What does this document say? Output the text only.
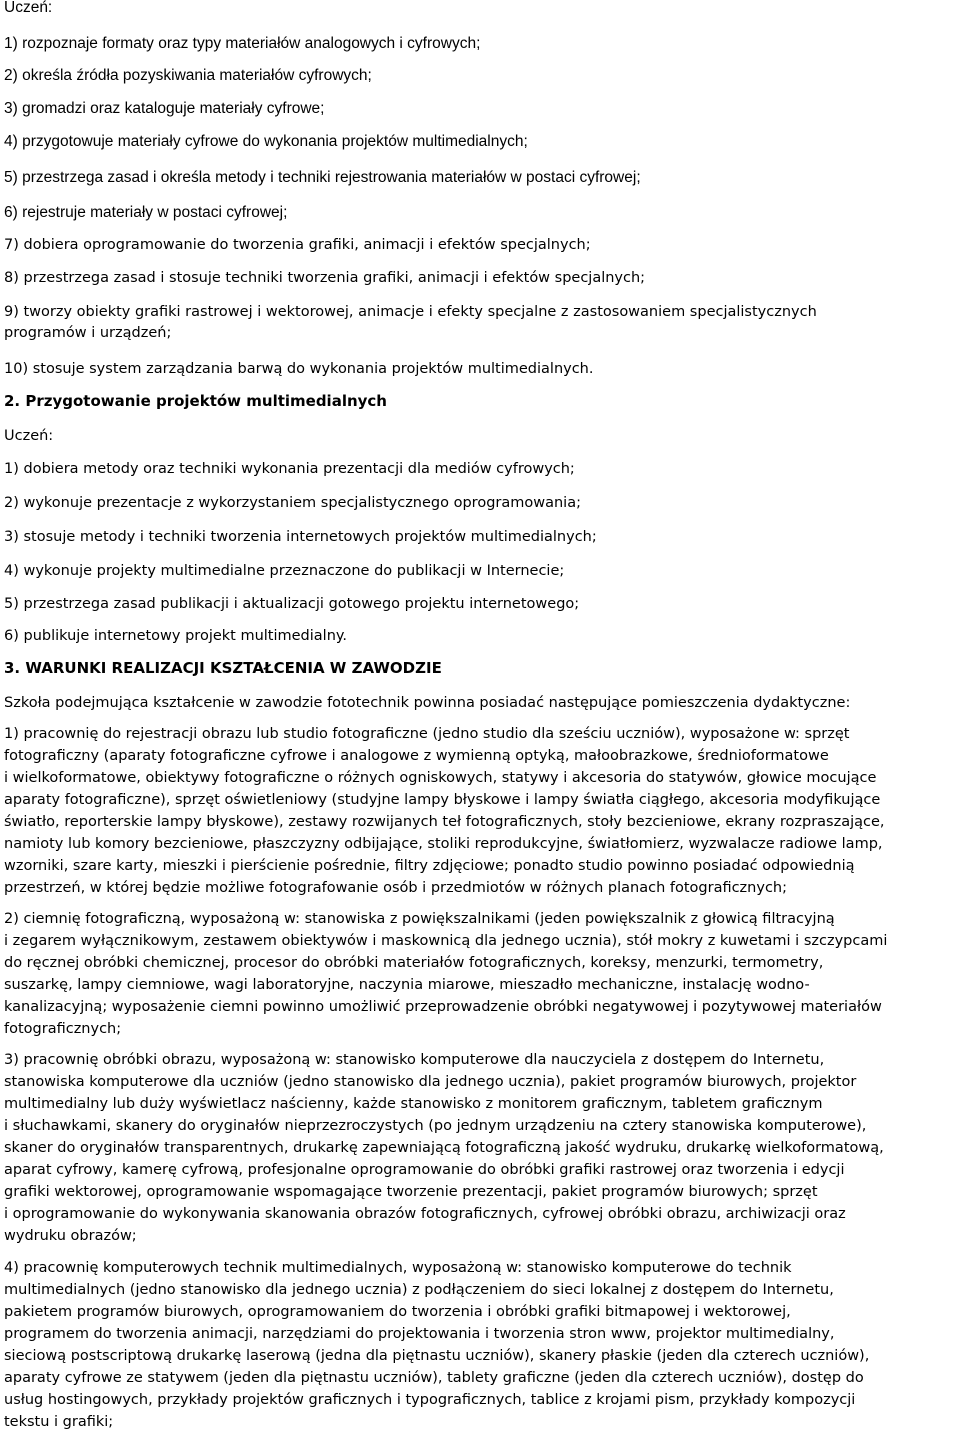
Uczeń:
1) rozpoznaje formaty oraz typy materiałów analogowych i cyfrowych;
2) określa źródła pozyskiwania materiałów cyfrowych;
3) gromadzi oraz kataloguje materiały cyfrowe;
4) przygotowuje materiały cyfrowe do wykonania projektów multimedialnych;
5) przestrzega zasad i określa metody i techniki rejestrowania materiałów w postaci cyfrowej;
6) rejestruje materiały w postaci cyfrowej;
7) dobiera oprogramowanie do tworzenia grafiki, animacji i efektów specjalnych;
8) przestrzega zasad i stosuje techniki tworzenia grafiki, animacji i efektów specjalnych;
9) tworzy obiekty grafiki rastrowej i wektorowej, animacje i efekty specjalne z zastosowaniem specjalistycznych
programów i urządzeń;
10) stosuje system zarządzania barwą do wykonania projektów multimedialnych.
2. Przygotowanie projektów multimedialnych
Uczeń:
1) dobiera metody oraz techniki wykonania prezentacji dla mediów cyfrowych;
2) wykonuje prezentacje z wykorzystaniem specjalistycznego oprogramowania;
3) stosuje metody i techniki tworzenia internetowych projektów multimedialnych;
4) wykonuje projekty multimedialne przeznaczone do publikacji w Internecie;
5) przestrzega zasad publikacji i aktualizacji gotowego projektu internetowego;
6) publikuje internetowy projekt multimedialny.
3. WARUNKI REALIZACJI KSZTAŁCENIA W ZAWODZIE
Szkoła podejmująca kształcenie w zawodzie fototechnik powinna posiadać następujące pomieszczenia dydaktyczne:
1) pracownię do rejestracji obrazu lub studio fotograficzne (jedno studio dla sześciu uczniów), wyposażone w: sprzęt
fotograficzny (aparaty fotograficzne cyfrowe i analogowe z wymienną optyką, małoobrazkowe, średnioformatowe
i wielkoformatowe, obiektywy fotograficzne o różnych ogniskowych, statywy i akcesoria do statywów, głowice mocujące
aparaty fotograficzne), sprzęt oświetleniowy (studyjne lampy błyskowe i lampy światła ciągłego, akcesoria modyfikujące
światło, reporterskie lampy błyskowe), zestawy rozwijanych teł fotograficznych, stoły bezcieniowe, ekrany rozpraszające,
namioty lub komory bezcieniowe, płaszczyzny odbijające, stoliki reprodukcyjne, światłomierz, wyzwalacze radiowe lamp,
wzorniki, szare karty, mieszki i pierścienie pośrednie, filtry zdjęciowe; ponadto studio powinno posiadać odpowiednią
przestrzeń, w której będzie możliwe fotografowanie osób i przedmiotów w różnych planach fotograficznych;
2) ciemnię fotograficzną, wyposażoną w: stanowiska z powiększalnikami (jeden powiększalnik z głowicą filtracyjną
i zegarem wyłącznikowym, zestawem obiektywów i maskownicą dla jednego ucznia), stół mokry z kuwetami i szczypcami
do ręcznej obróbki chemicznej, procesor do obróbki materiałów fotograficznych, koreksy, menzurki, termometry,
suszarkę, lampy ciemniowe, wagi laboratoryjne, naczynia miarowe, mieszadło mechaniczne, instalację wodno-
kanalizacyjną; wyposażenie ciemni powinno umożliwić przeprowadzenie obróbki negatywowej i pozytywowej materiałów
fotograficznych;
3) pracownię obróbki obrazu, wyposażoną w: stanowisko komputerowe dla nauczyciela z dostępem do Internetu,
stanowiska komputerowe dla uczniów (jedno stanowisko dla jednego ucznia), pakiet programów biurowych, projektor
multimedialny lub duży wyświetlacz naścienny, każde stanowisko z monitorem graficznym, tabletem graficznym
i słuchawkami, skanery do oryginałów nieprzezroczystych (po jednym urządzeniu na cztery stanowiska komputerowe),
skaner do oryginałów transparentnych, drukarkę zapewniającą fotograficzną jakość wydruku, drukarkę wielkoformatową,
aparat cyfrowy, kamerę cyfrową, profesjonalne oprogramowanie do obróbki grafiki rastrowej oraz tworzenia i edycji
grafiki wektorowej, oprogramowanie wspomagające tworzenie prezentacji, pakiet programów biurowych; sprzęt
i oprogramowanie do wykonywania skanowania obrazów fotograficznych, cyfrowej obróbki obrazu, archiwizacji oraz
wydruku obrazów;
4) pracownię komputerowych technik multimedialnych, wyposażoną w: stanowisko komputerowe do technik
multimedialnych (jedno stanowisko dla jednego ucznia) z podłączeniem do sieci lokalnej z dostępem do Internetu,
pakietem programów biurowych, oprogramowaniem do tworzenia i obróbki grafiki bitmapowej i wektorowej,
programem do tworzenia animacji, narzędziami do projektowania i tworzenia stron www, projektor multimedialny,
sieciową postscriptową drukarkę laserową (jedna dla piętnastu uczniów), skanery płaskie (jeden dla czterech uczniów),
aparaty cyfrowe ze statywem (jeden dla piętnastu uczniów), tablety graficzne (jeden dla czterech uczniów), dostęp do
usług hostingowych, przykłady projektów graficznych i typograficznych, tablice z krojami pism, przykłady kompozycji
tekstu i grafiki;
